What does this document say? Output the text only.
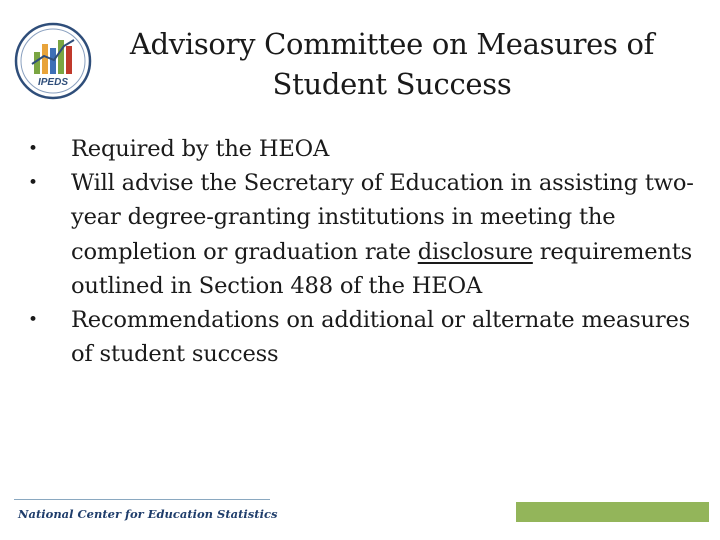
IPEDS
Advisory Committee on Measures of
Student Success
• Required by the HEOA
• Will advise the Secretary of Education in assisting two-year degree-granting institutions in meeting the completion or graduation rate disclosure requirements outlined in Section 488 of the HEOA
• Recommendations on additional or alternate measures of student success
National Center for Education Statistics
